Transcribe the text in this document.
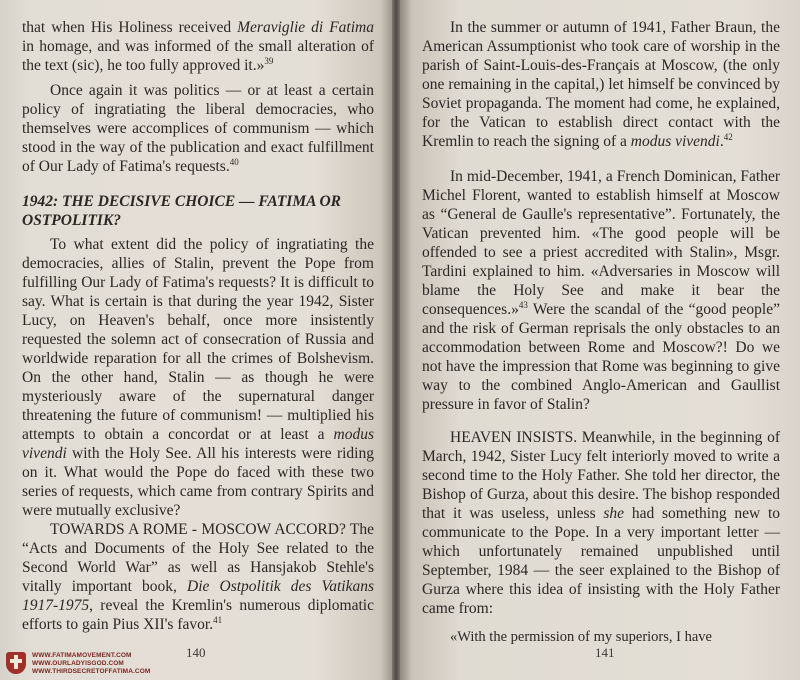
that when His Holiness received Meraviglie di Fatima in homage, and was informed of the small alteration of the text (sic), he too fully approved it.»$^{39}$

Once again it was politics — or at least a certain policy of ingratiating the liberal democracies, who themselves were accomplices of communism — which stood in the way of the publication and exact fulfillment of Our Lady of Fatima's requests.$^{40}$

1942: THE DECISIVE CHOICE — FATIMA OR OSTPOLITIK?

To what extent did the policy of ingratiating the democracies, allies of Stalin, prevent the Pope from fulfilling Our Lady of Fatima's requests? It is difficult to say. What is certain is that during the year 1942, Sister Lucy, on Heaven's behalf, once more insistently requested the solemn act of consecration of Russia and worldwide reparation for all the crimes of Bolshevism. On the other hand, Stalin — as though he were mysteriously aware of the supernatural danger threatening the future of communism! — multiplied his attempts to obtain a concordat or at least a modus vivendi with the Holy See. All his interests were riding on it. What would the Pope do faced with these two series of requests, which came from contrary Spirits and were mutually exclusive?

TOWARDS A ROME - MOSCOW ACCORD? The “Acts and Documents of the Holy See related to the Second World War” as well as Hansjakob Stehle's vitally important book, Die Ostpolitik des Vatikans 1917-1975, reveal the Kremlin's numerous diplomatic efforts to gain Pius XII's favor.$^{41}$

140
WWW.FATIMAMOVEMENT.COM
WWW.OURLADYISGOD.COM
WWW.THIRDSECRETOFFATIMA.COM

In the summer or autumn of 1941, Father Braun, the American Assumptionist who took care of worship in the parish of Saint-Louis-des-Français at Moscow, (the only one remaining in the capital,) let himself be convinced by Soviet propaganda. The moment had come, he explained, for the Vatican to establish direct contact with the Kremlin to reach the signing of a modus vivendi.$^{42}$

In mid-December, 1941, a French Dominican, Father Michel Florent, wanted to establish himself at Moscow as “General de Gaulle's representative”. Fortunately, the Vatican prevented him. «The good people will be offended to see a priest accredited with Stalin», Msgr. Tardini explained to him. «Adversaries in Moscow will blame the Holy See and make it bear the consequences.»$^{43}$ Were the scandal of the “good people” and the risk of German reprisals the only obstacles to an accommodation between Rome and Moscow?! Do we not have the impression that Rome was beginning to give way to the combined Anglo-American and Gaullist pressure in favor of Stalin?

HEAVEN INSISTS. Meanwhile, in the beginning of March, 1942, Sister Lucy felt interiorly moved to write a second time to the Holy Father. She told her director, the Bishop of Gurza, about this desire. The bishop responded that it was useless, unless she had something new to communicate to the Pope. In a very important letter — which unfortunately remained unpublished until September, 1984 — the seer explained to the Bishop of Gurza where this idea of insisting with the Holy Father came from:

«With the permission of my superiors, I have

141
